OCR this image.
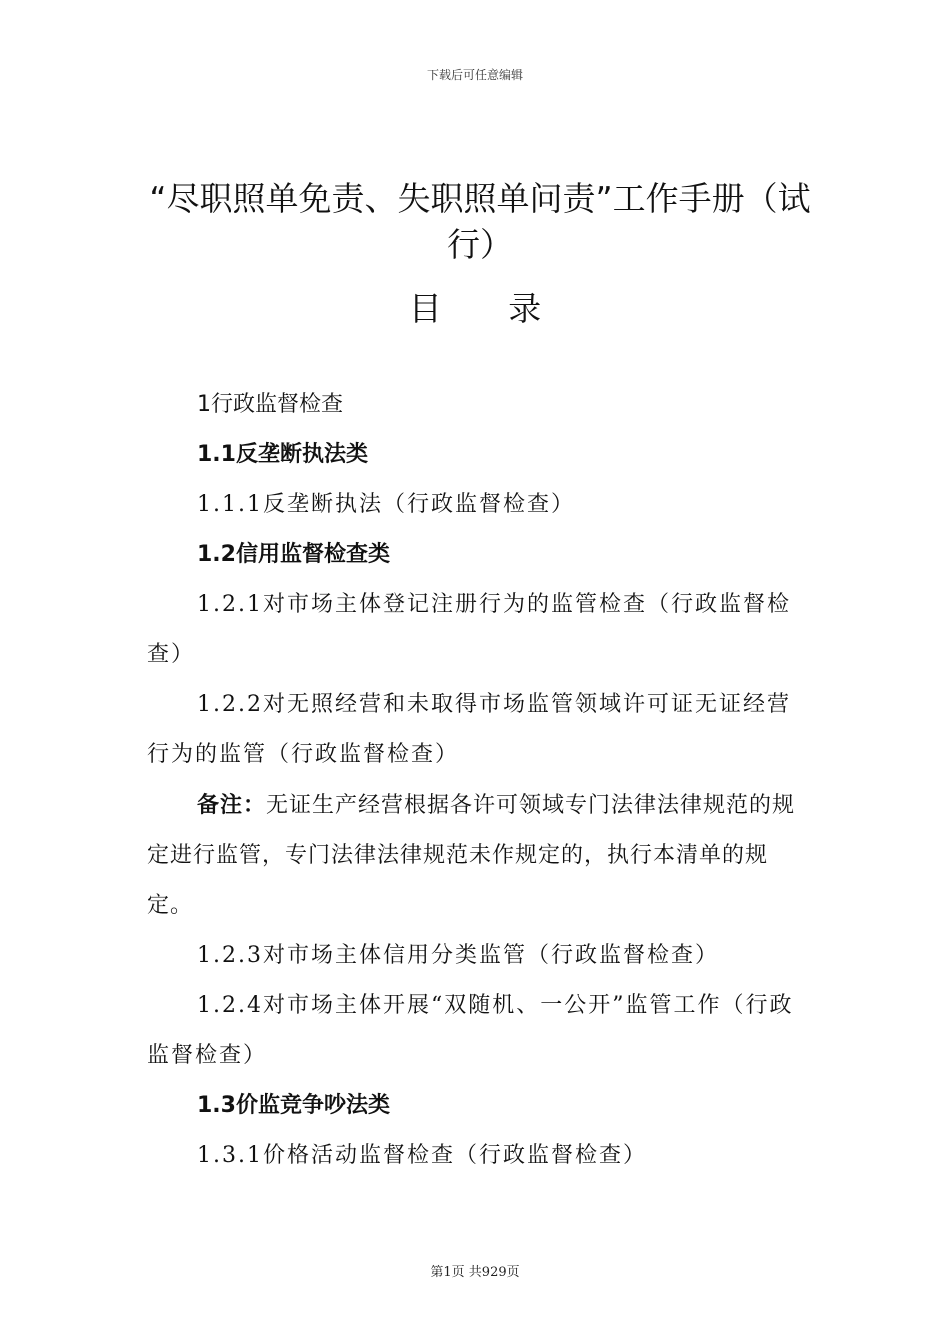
下载后可任意编辑
“尽职照单免责、失职照单问责”工作手册（试行）
目 录

1行政监督检查

1.1反垄断执法类

1.1.1反垄断执法（行政监督检查）

1.2信用监督检查类

1.2.1对市场主体登记注册行为的监管检查（行政监督检查）

1.2.2对无照经营和未取得市场监管领域许可证无证经营行为的监管（行政监督检查）

备注：无证生产经营根据各许可领域专门法律法律规范的规定进行监管，专门法律法律规范未作规定的，执行本清单的规定。

1.2.3对市场主体信用分类监管（行政监督检查）

1.2.4对市场主体开展“双随机、一公开”监管工作（行政监督检查）

1.3价监竞争吵法类

1.3.1价格活动监督检查（行政监督检查）

第1页 共929页
